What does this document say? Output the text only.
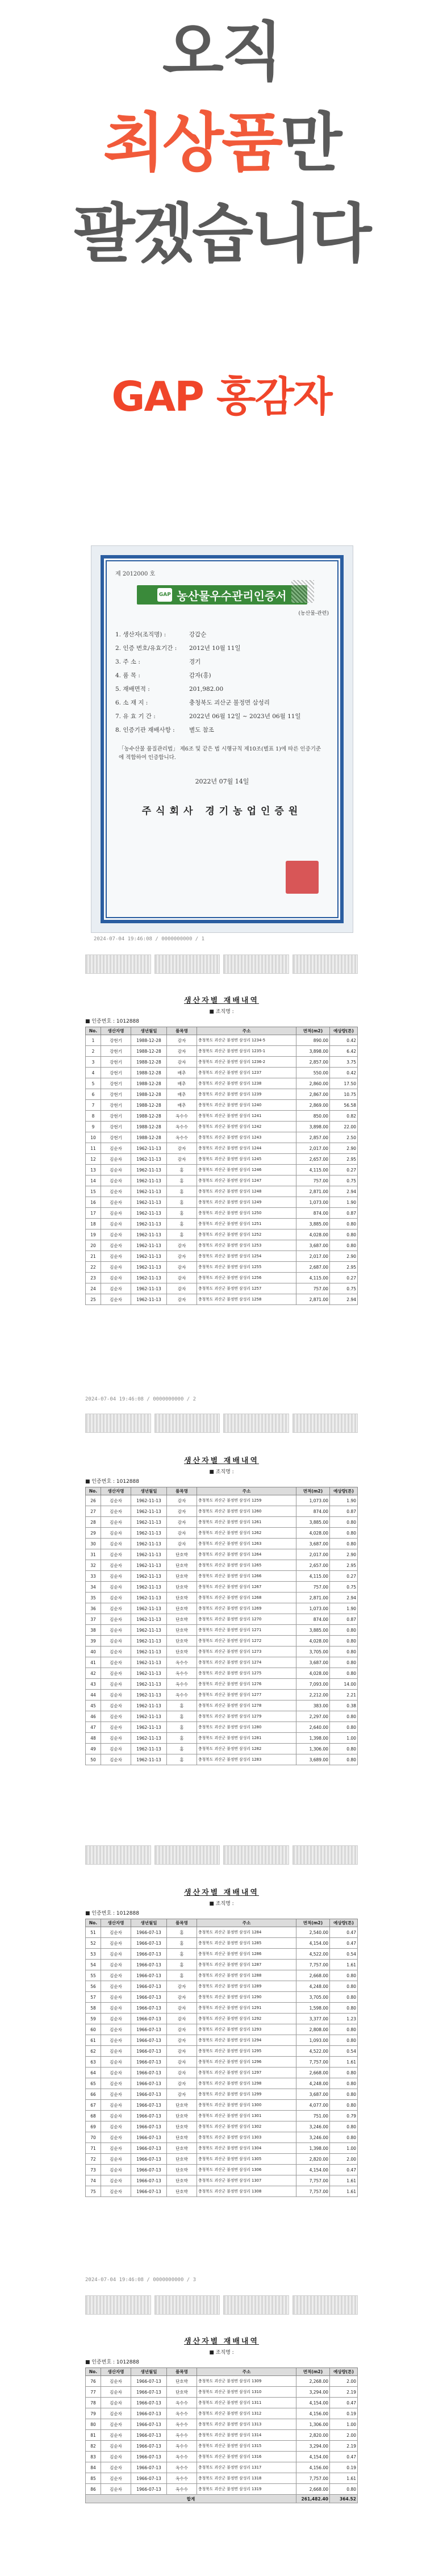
오직
최상품만
팔겠습니다
GAP 홍감자
제 2012000 호
GAP 농산물우수관리인증서
(농산물-관련)
1. 생산자(조직명) :	강갑순
2. 인증 번호/유효기간 :	2012년 10월 11일
3. 주 소 :	경기
4. 품 목 :	감자(홍)
5. 재배면적 :	201,982.00
6. 소 재 지 :	충청북도 괴산군 불정면 삼성리
7. 유 효 기 간 :	2022년 06월 12일 ~ 2023년 06월 11일
8. 인증기관 재배사항 :	별도 참조
「농수산물 품질관리법」 제6조 및 같은 법 시행규칙 제10조(별표 1)에 따른 인증기준에 적합하여 인증합니다.
2022년 07월 14일
주식회사 경기농업인증원
2024-07-04 19:46:08 / 0000000000 / 1
생산자별 재배내역
■ 조직명 :
■ 인증번호 : 1012888
No.	생산자명	생년월일	품목명	주소	면적(m2)	예상량(톤)
1	강현기	1988-12-28	감자	충청북도 괴산군 불정면 삼성리 1234-5	890.00	0.42
2	강현기	1988-12-28	감자	충청북도 괴산군 불정면 삼성리 1235-1	3,898.00	6.42
3	강현기	1988-12-28	감자	충청북도 괴산군 불정면 삼성리 1236-2	2,857.00	3.75
4	강현기	1988-12-28	배추	충청북도 괴산군 불정면 삼성리 1237	550.00	0.42
5	강현기	1988-12-28	배추	충청북도 괴산군 불정면 삼성리 1238	2,860.00	17.50
6	강현기	1988-12-28	배추	충청북도 괴산군 불정면 삼성리 1239	2,867.00	10.75
7	강현기	1988-12-28	배추	충청북도 괴산군 불정면 삼성리 1240	2,869.00	56.58
8	강현기	1988-12-28	옥수수	충청북도 괴산군 불정면 삼성리 1241	850.00	0.82
9	강현기	1988-12-28	옥수수	충청북도 괴산군 불정면 삼성리 1242	3,898.00	22.00
10	강현기	1988-12-28	옥수수	충청북도 괴산군 불정면 삼성리 1243	2,857.00	2.50
11	김순자	1962-11-13	감자	충청북도 괴산군 불정면 삼성리 1244	2,017.00	2.90
12	김순자	1962-11-13	감자	충청북도 괴산군 불정면 삼성리 1245	2,657.00	2.95
13	김순자	1962-11-13	홍	충청북도 괴산군 불정면 삼성리 1246	4,115.00	0.27
14	김순자	1962-11-13	홍	충청북도 괴산군 불정면 삼성리 1247	757.00	0.75
15	김순자	1962-11-13	홍	충청북도 괴산군 불정면 삼성리 1248	2,871.00	2.94
16	김순자	1962-11-13	홍	충청북도 괴산군 불정면 삼성리 1249	1,073.00	1.90
17	김순자	1962-11-13	홍	충청북도 괴산군 불정면 삼성리 1250	874.00	0.87
18	김순자	1962-11-13	홍	충청북도 괴산군 불정면 삼성리 1251	3,885.00	0.80
19	김순자	1962-11-13	홍	충청북도 괴산군 불정면 삼성리 1252	4,028.00	0.80
20	김순자	1962-11-13	감자	충청북도 괴산군 불정면 삼성리 1253	3,687.00	0.80
21	김순자	1962-11-13	감자	충청북도 괴산군 불정면 삼성리 1254	2,017.00	2.90
22	김순자	1962-11-13	감자	충청북도 괴산군 불정면 삼성리 1255	2,687.00	2.95
23	김순자	1962-11-13	감자	충청북도 괴산군 불정면 삼성리 1256	4,115.00	0.27
24	김순자	1962-11-13	감자	충청북도 괴산군 불정면 삼성리 1257	757.00	0.75
25	김순자	1962-11-13	감자	충청북도 괴산군 불정면 삼성리 1258	2,871.00	2.94
2024-07-04 19:46:08 / 0000000000 / 2
생산자별 재배내역
■ 조직명 :
■ 인증번호 : 1012888
No.	생산자명	생년월일	품목명	주소	면적(m2)	예상량(톤)
26	김순자	1962-11-13	감자	충청북도 괴산군 불정면 삼성리 1259	1,073.00	1.90
27	김순자	1962-11-13	감자	충청북도 괴산군 불정면 삼성리 1260	874.00	0.87
28	김순자	1962-11-13	감자	충청북도 괴산군 불정면 삼성리 1261	3,885.00	0.80
29	김순자	1962-11-13	감자	충청북도 괴산군 불정면 삼성리 1262	4,028.00	0.80
30	김순자	1962-11-13	감자	충청북도 괴산군 불정면 삼성리 1263	3,687.00	0.80
31	김순자	1962-11-13	단호박	충청북도 괴산군 불정면 삼성리 1264	2,017.00	2.90
32	김순자	1962-11-13	단호박	충청북도 괴산군 불정면 삼성리 1265	2,657.00	2.95
33	김순자	1962-11-13	단호박	충청북도 괴산군 불정면 삼성리 1266	4,115.00	0.27
34	김순자	1962-11-13	단호박	충청북도 괴산군 불정면 삼성리 1267	757.00	0.75
35	김순자	1962-11-13	단호박	충청북도 괴산군 불정면 삼성리 1268	2,871.00	2.94
36	김순자	1962-11-13	단호박	충청북도 괴산군 불정면 삼성리 1269	1,073.00	1.90
37	김순자	1962-11-13	단호박	충청북도 괴산군 불정면 삼성리 1270	874.00	0.87
38	김순자	1962-11-13	단호박	충청북도 괴산군 불정면 삼성리 1271	3,885.00	0.80
39	김순자	1962-11-13	단호박	충청북도 괴산군 불정면 삼성리 1272	4,028.00	0.80
40	김순자	1962-11-13	단호박	충청북도 괴산군 불정면 삼성리 1273	3,705.00	0.80
41	김순자	1962-11-13	옥수수	충청북도 괴산군 불정면 삼성리 1274	3,687.00	0.80
42	김순자	1962-11-13	옥수수	충청북도 괴산군 불정면 삼성리 1275	4,028.00	0.80
43	김순자	1962-11-13	옥수수	충청북도 괴산군 불정면 삼성리 1276	7,093.00	14.00
44	김순자	1962-11-13	옥수수	충청북도 괴산군 불정면 삼성리 1277	2,212.00	2.21
45	김순자	1962-11-13	홍	충청북도 괴산군 불정면 삼성리 1278	383.00	0.38
46	김순자	1962-11-13	홍	충청북도 괴산군 불정면 삼성리 1279	2,297.00	0.80
47	김순자	1962-11-13	홍	충청북도 괴산군 불정면 삼성리 1280	2,640.00	0.80
48	김순자	1962-11-13	홍	충청북도 괴산군 불정면 삼성리 1281	1,398.00	1.00
49	김순자	1962-11-13	홍	충청북도 괴산군 불정면 삼성리 1282	1,306.00	0.80
50	김순자	1962-11-13	홍	충청북도 괴산군 불정면 삼성리 1283	3,689.00	0.80
생산자별 재배내역
■ 조직명 :
■ 인증번호 : 1012888
No.	생산자명	생년월일	품목명	주소	면적(m2)	예상량(톤)
51	김순자	1966-07-13	홍	충청북도 괴산군 불정면 삼성리 1284	2,540.00	0.47
52	김순자	1966-07-13	홍	충청북도 괴산군 불정면 삼성리 1285	4,154.00	0.47
53	김순자	1966-07-13	홍	충청북도 괴산군 불정면 삼성리 1286	4,522.00	0.54
54	김순자	1966-07-13	홍	충청북도 괴산군 불정면 삼성리 1287	7,757.00	1.61
55	김순자	1966-07-13	홍	충청북도 괴산군 불정면 삼성리 1288	2,668.00	0.80
56	김순자	1966-07-13	감자	충청북도 괴산군 불정면 삼성리 1289	4,248.00	0.80
57	김순자	1966-07-13	감자	충청북도 괴산군 불정면 삼성리 1290	3,705.00	0.80
58	김순자	1966-07-13	감자	충청북도 괴산군 불정면 삼성리 1291	1,598.00	0.80
59	김순자	1966-07-13	감자	충청북도 괴산군 불정면 삼성리 1292	3,377.00	1.23
60	김순자	1966-07-13	감자	충청북도 괴산군 불정면 삼성리 1293	2,808.00	0.80
61	김순자	1966-07-13	감자	충청북도 괴산군 불정면 삼성리 1294	1,093.00	0.80
62	김순자	1966-07-13	감자	충청북도 괴산군 불정면 삼성리 1295	4,522.00	0.54
63	김순자	1966-07-13	감자	충청북도 괴산군 불정면 삼성리 1296	7,757.00	1.61
64	김순자	1966-07-13	감자	충청북도 괴산군 불정면 삼성리 1297	2,668.00	0.80
65	김순자	1966-07-13	감자	충청북도 괴산군 불정면 삼성리 1298	4,248.00	0.80
66	김순자	1966-07-13	감자	충청북도 괴산군 불정면 삼성리 1299	3,687.00	0.80
67	김순자	1966-07-13	단호박	충청북도 괴산군 불정면 삼성리 1300	4,077.00	0.80
68	김순자	1966-07-13	단호박	충청북도 괴산군 불정면 삼성리 1301	751.00	0.79
69	김순자	1966-07-13	단호박	충청북도 괴산군 불정면 삼성리 1302	3,246.00	0.80
70	김순자	1966-07-13	단호박	충청북도 괴산군 불정면 삼성리 1303	3,246.00	0.80
71	김순자	1966-07-13	단호박	충청북도 괴산군 불정면 삼성리 1304	1,398.00	1.00
72	김순자	1966-07-13	단호박	충청북도 괴산군 불정면 삼성리 1305	2,820.00	2.00
73	김순자	1966-07-13	단호박	충청북도 괴산군 불정면 삼성리 1306	4,154.00	0.47
74	김순자	1966-07-13	단호박	충청북도 괴산군 불정면 삼성리 1307	7,757.00	1.61
75	김순자	1966-07-13	단호박	충청북도 괴산군 불정면 삼성리 1308	7,757.00	1.61
2024-07-04 19:46:08 / 0000000000 / 3
생산자별 재배내역
■ 조직명 :
■ 인증번호 : 1012888
No.	생산자명	생년월일	품목명	주소	면적(m2)	예상량(톤)
76	김순자	1966-07-13	단호박	충청북도 괴산군 불정면 삼성리 1309	2,268.00	2.00
77	김순자	1966-07-13	단호박	충청북도 괴산군 불정면 삼성리 1310	3,294.00	2.19
78	김순자	1966-07-13	옥수수	충청북도 괴산군 불정면 삼성리 1311	4,154.00	0.47
79	김순자	1966-07-13	옥수수	충청북도 괴산군 불정면 삼성리 1312	4,156.00	0.19
80	김순자	1966-07-13	옥수수	충청북도 괴산군 불정면 삼성리 1313	1,306.00	1.00
81	김순자	1966-07-13	옥수수	충청북도 괴산군 불정면 삼성리 1314	2,820.00	2.00
82	김순자	1966-07-13	옥수수	충청북도 괴산군 불정면 삼성리 1315	3,294.00	2.19
83	김순자	1966-07-13	옥수수	충청북도 괴산군 불정면 삼성리 1316	4,154.00	0.47
84	김순자	1966-07-13	옥수수	충청북도 괴산군 불정면 삼성리 1317	4,156.00	0.19
85	김순자	1966-07-13	옥수수	충청북도 괴산군 불정면 삼성리 1318	7,757.00	1.61
86	김순자	1966-07-13	옥수수	충청북도 괴산군 불정면 삼성리 1319	2,668.00	0.80
합계					261,482.40	364.52
